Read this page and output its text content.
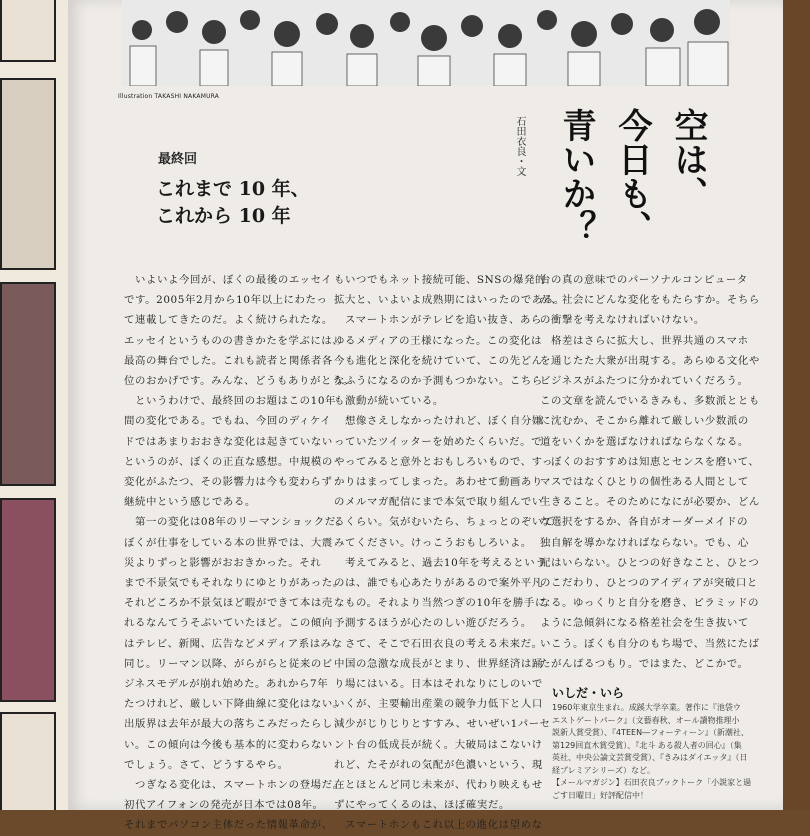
Illustration TAKASHI NAKAMURA
空は、
今日も、
青いか？
石田衣良・文
最終回
これまで 10 年、
これから 10 年

　いよいよ今回が、ぼくの最後のエッセイ

です。2005年2月から10年以上にわたっ

て連載してきたのだ。よく続けられたな。

エッセイというものの書きかたを学ぶには、

最高の舞台でした。これも読者と関係者各

位のおかげです。みんな、どうもありがとう。

　というわけで、最終回のお題はこの10年

間の変化である。でもね、今回のディケイ

ドではあまりおおきな変化は起きていない

というのが、ぼくの正直な感想。中規模の

変化がふたつ、その影響力は今も変わらず

継続中という感じである。

　第一の変化は08年のリーマンショックだ。

ぼくが仕事をしている本の世界では、大震

災よりずっと影響がおおきかった。それ

まで不景気でもそれなりにゆとりがあった。

それどころか不景気ほど暇ができて本は売

れるなんてうそぶいていたほど。この傾向

はテレビ、新聞、広告などメディア系はみな

同じ。リーマン以降、がらがらと従来のビ

ジネスモデルが崩れ始めた。あれから7年

たつけれど、厳しい下降曲線に変化はない。

出版界は去年が最大の落ちこみだったらし

い。この傾向は今後も基本的に変わらない

でしょう。さて、どうするやら。

　つぎなる変化は、スマートホンの登場だ。

初代アイフォンの発売が日本では08年。

それまでパソコン主体だった情報革命が、

もいつでもネット接続可能、SNSの爆発的

拡大と、いよいよ成熟期にはいったのである。

　スマートホンがテレビを追い抜き、あら

ゆるメディアの王様になった。この変化は

今も進化と深化を続けていて、この先どん

なふうになるのか予測もつかない。こちら

も激動が続いている。

　想像さえしなかったけれど、ぼく自分嫌

っていたツイッターを始めたくらいだ。で

やってみると意外とおもしろいもので、すっ

かりはまってしまった。あわせて動画あり

のメルマガ配信にまで本気で取り組んでい

るくらい。気がむいたら、ちょっとのぞいて

みてください。けっこうおもしろいよ。

　考えてみると、過去10年を考えるという

のは、誰でも心あたりがあるので案外平凡

なもの。それより当然つぎの10年を勝手に

予測するほうが心たのしい遊びだろう。

　さて、そこで石田衣良の考える未来だ。

中国の急激な成長がとまり、世界経済は踊

り場にはいる。日本はそれなりにしのいで

いくが、主要輸出産業の競争力低下と人口

減少がじりじりとすすみ、せいぜい1パーセ

ント台の低成長が続く。大破局はこないけ

れど、たそがれの気配が色濃いという、現

在とほとんど同じ未来が、代わり映えもせ

ずにやってくるのは、ほぼ確実だ。

　スマートホンもこれ以上の進化は望めな

台の真の意味でのパーソナルコンピュータ

が、社会にどんな変化をもたらすか。そちら

の衝撃を考えなければいけない。

　格差はさらに拡大し、世界共通のスマホ

を通じたた大衆が出現する。あらゆる文化や

ビジネスがふたつに分かれていくだろう。

この文章を読んでいるきみも、多数派ととも

に沈むか、そこから離れて厳しい少数派の

道をいくかを選ばなければならなくなる。

　ぼくのおすすめは知恵とセンスを磨いて、

マスではなくひとりの個性ある人間として

生きること。そのためになにが必要か、どん

な選択をするか、各自がオーダーメイドの

独自解を導かなければならない。でも、心

配はいらない。ひとつの好きなこと、ひとつ

のこだわり、ひとつのアイディアが突破口と

なる。ゆっくりと自分を磨き、ピラミッドの

ように急傾斜になる格差社会を生き抜いて

いこう。ぼくも自分のもち場で、当然にたば

たがんばるつもり。ではまた、どこかで。

いしだ・いら

1960年東京生まれ。成蹊大学卒業。著作に『池袋ウ

エストゲートパーク』（文藝春秋、オール讀物推理小

説新人賞受賞）、『4TEEN―フォーティーン』（新潮社、

第129回直木賞受賞）、『北斗 ある殺人者の回心』（集

英社、中央公論文芸賞受賞）、『きみはダイエッタ』（日

経プレミアシリーズ）など。

【メールマガジン】石田衣良ブックトーク「小説家と過

ごす日曜日」好評配信中！
